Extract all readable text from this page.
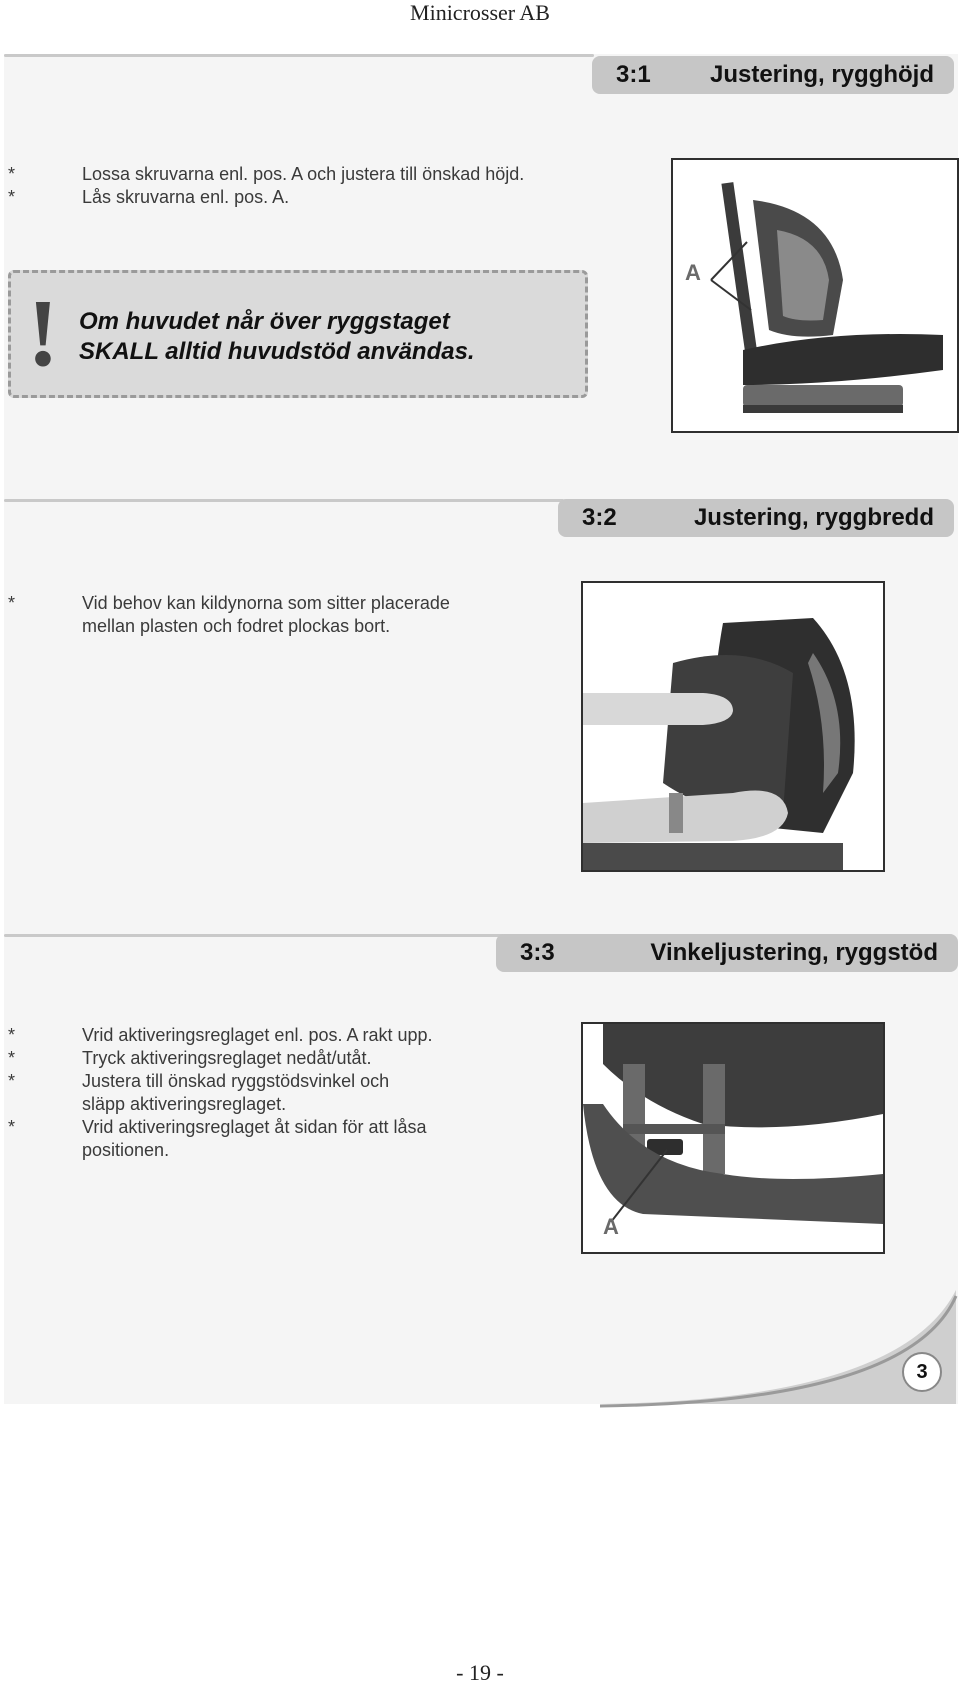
Minicrosser AB
3:1 Justering, rygghöjd
*	Lossa skruvarna enl. pos. A och justera till önskad höjd.
*	Lås skruvarna enl. pos. A.
A
! Om huvudet når över ryggstaget
SKALL alltid huvudstöd användas.
3:2	Justering, ryggbredd
*	Vid behov kan kildynorna som sitter placerade
mellan plasten och fodret plockas bort.
3:3	Vinkeljustering, ryggstöd
*	Vrid aktiveringsreglaget enl. pos. A rakt upp.
*	Tryck aktiveringsreglaget nedåt/utåt.
*	Justera till önskad ryggstödsvinkel och
släpp aktiveringsreglaget.
*	Vrid aktiveringsreglaget åt sidan för att låsa
positionen.
A
3
- 19 -
